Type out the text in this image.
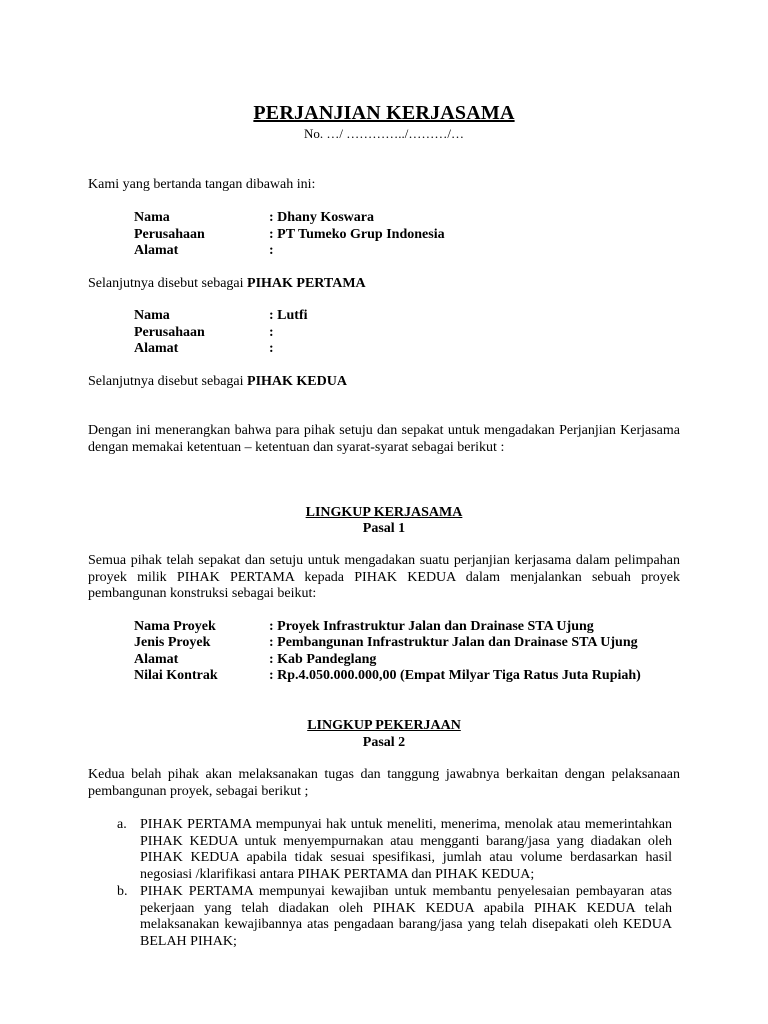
PERJANJIAN KERJASAMA
No. …/ …………../………/…
Kami yang bertanda tangan dibawah ini:
Nama	: Dhany Koswara
Perusahaan	: PT Tumeko Grup Indonesia
Alamat	:
Selanjutnya disebut sebagai PIHAK PERTAMA
Nama	: Lutfi
Perusahaan	:
Alamat	:
Selanjutnya disebut sebagai PIHAK KEDUA

Dengan ini menerangkan bahwa para pihak setuju dan sepakat untuk mengadakan Perjanjian Kerjasama dengan memakai ketentuan – ketentuan dan syarat-syarat sebagai berikut :

LINGKUP KERJASAMA
Pasal 1

Semua pihak telah sepakat dan setuju untuk mengadakan suatu perjanjian kerjasama dalam pelimpahan proyek milik PIHAK PERTAMA kepada PIHAK KEDUA dalam menjalankan sebuah proyek pembangunan konstruksi sebagai beikut:

Nama Proyek	: Proyek Infrastruktur Jalan dan Drainase STA Ujung
Jenis Proyek	: Pembangunan Infrastruktur Jalan dan Drainase STA Ujung
Alamat	: Kab Pandeglang
Nilai Kontrak	: Rp.4.050.000.000,00 (Empat Milyar Tiga Ratus Juta Rupiah)
LINGKUP PEKERJAAN
Pasal 2

Kedua belah pihak akan melaksanakan tugas dan tanggung jawabnya berkaitan dengan pelaksanaan pembangunan proyek, sebagai berikut ;

a. PIHAK PERTAMA mempunyai hak untuk meneliti, menerima, menolak atau memerintahkan PIHAK KEDUA untuk menyempurnakan atau mengganti barang/jasa yang diadakan oleh PIHAK KEDUA apabila tidak sesuai spesifikasi, jumlah atau volume berdasarkan hasil negosiasi /klarifikasi antara PIHAK PERTAMA dan PIHAK KEDUA;

b. PIHAK PERTAMA mempunyai kewajiban untuk membantu penyelesaian pembayaran atas pekerjaan yang telah diadakan oleh PIHAK KEDUA apabila PIHAK KEDUA telah melaksanakan kewajibannya atas pengadaan barang/jasa yang telah disepakati oleh KEDUA BELAH PIHAK;
